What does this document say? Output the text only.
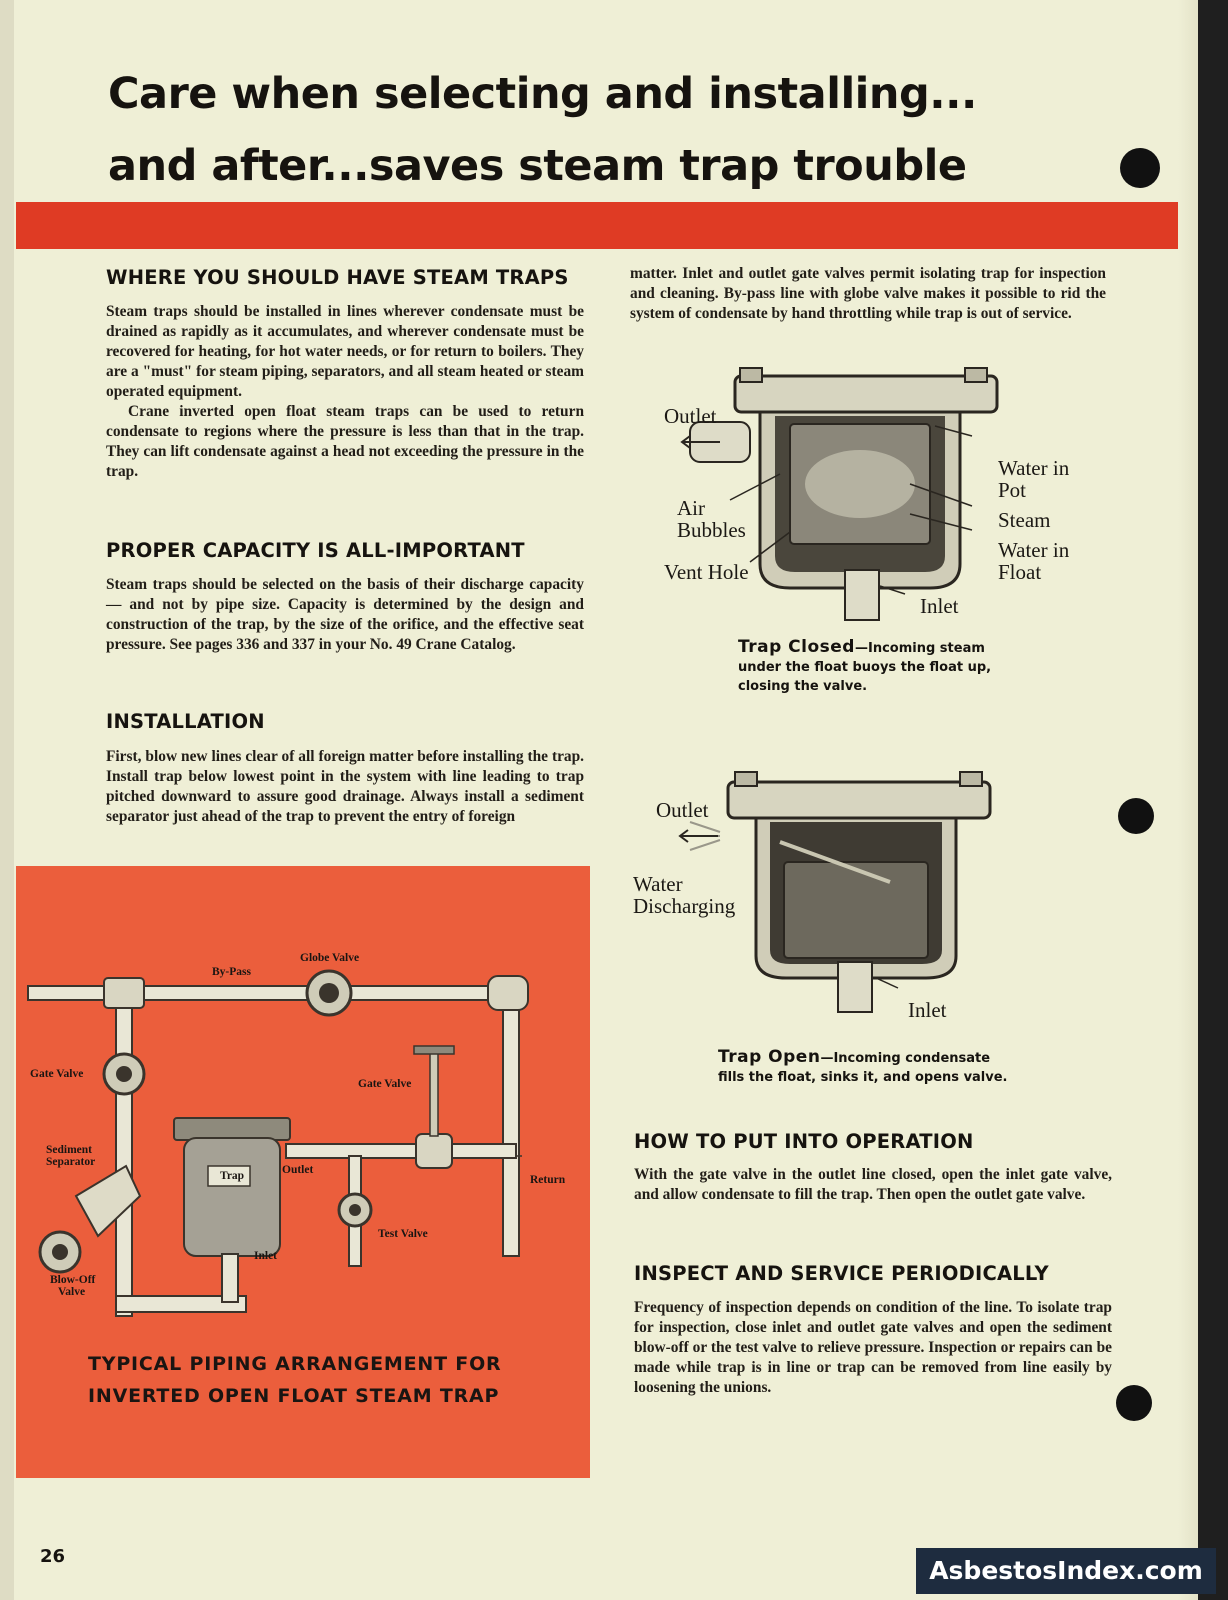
Care when selecting and installing...
and after...saves steam trap trouble
WHERE YOU SHOULD HAVE STEAM TRAPS

Steam traps should be installed in lines wherever condensate must be drained as rapidly as it accumulates, and wherever condensate must be recovered for heating, for hot water needs, or for return to boilers. They are a "must" for steam piping, separators, and all steam heated or steam operated equipment.

Crane inverted open float steam traps can be used to return condensate to regions where the pressure is less than that in the trap. They can lift condensate against a head not exceeding the pressure in the trap.

PROPER CAPACITY IS ALL-IMPORTANT

Steam traps should be selected on the basis of their discharge capacity — and not by pipe size. Capacity is determined by the design and construction of the trap, by the size of the orifice, and the effective seat pressure. See pages 336 and 337 in your No. 49 Crane Catalog.

INSTALLATION

First, blow new lines clear of all foreign matter before installing the trap. Install trap below lowest point in the system with line leading to trap pitched downward to assure good drainage. Always install a sediment separator just ahead of the trap to prevent the entry of foreign

matter. Inlet and outlet gate valves permit isolating trap for inspection and cleaning. By-pass line with globe valve makes it possible to rid the system of condensate by hand throttling while trap is out of service.

Outlet
Air
Bubbles
Vent Hole
Water in
Pot
Steam
Water in
Float
Inlet
Trap Closed—Incoming steam under the float buoys the float up, closing the valve.
Outlet
Water
Discharging
Inlet
Trap Open—Incoming condensate fills the float, sinks it, and opens valve.
HOW TO PUT INTO OPERATION

With the gate valve in the outlet line closed, open the inlet gate valve, and allow condensate to fill the trap. Then open the outlet gate valve.

INSPECT AND SERVICE PERIODICALLY

Frequency of inspection depends on condition of the line. To isolate trap for inspection, close inlet and outlet gate valves and open the sediment blow-off or the test valve to relieve pressure. Inspection or repairs can be made while trap is in line or trap can be removed from line easily by loosening the unions.

By-Pass
Globe Valve
Gate Valve
Gate Valve
Sediment
Separator
Trap	Outlet
Return
Test Valve
Inlet
Blow-Off
Valve
TYPICAL PIPING ARRANGEMENT FOR
INVERTED OPEN FLOAT STEAM TRAP
26	AsbestosIndex.com
